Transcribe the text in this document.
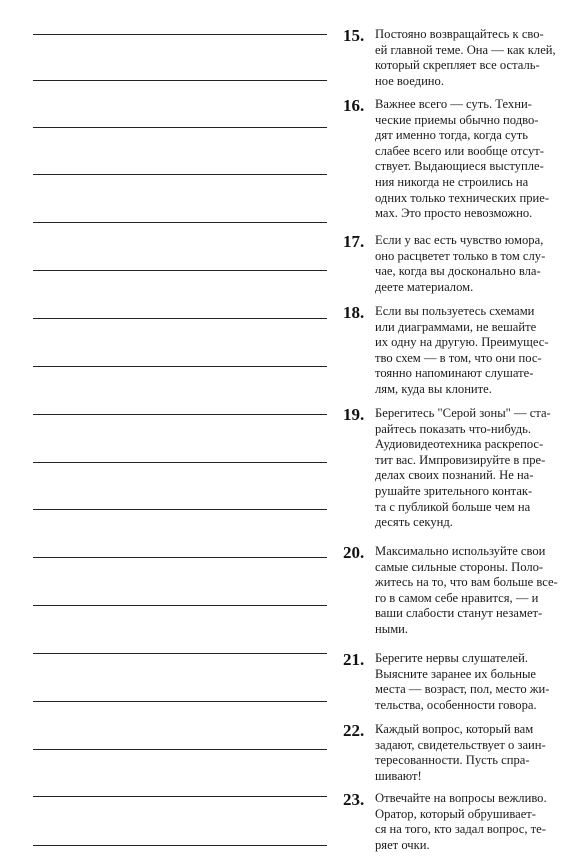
15. Постояно возвращайтесь к сво-
ей главной теме. Она — как клей,
который скрепляет все осталь-
ное воедино.
16. Важнее всего — суть. Техни-
ческие приемы обычно подво-
дят именно тогда, когда суть
слабее всего или вообще отсут-
ствует. Выдающиеся выступле-
ния никогда не строились на
одних только технических прие-
мах. Это просто невозможно.
17. Если у вас есть чувство юмора,
оно расцветет только в том слу-
чае, когда вы досконально вла-
деете материалом.
18. Если вы пользуетесь схемами
или диаграммами, не вешайте
их одну на другую. Преимущес-
тво схем — в том, что они пос-
тоянно напоминают слушате-
лям, куда вы клоните.
19. Берегитесь "Серой зоны" — ста-
райтесь показать что-нибудь.
Аудиовидеотехника раскрепос-
тит вас. Импровизируйте в пре-
делах своих познаний. Не на-
рушайте зрительного контак-
та с публикой больше чем на
десять секунд.
20. Максимально используйте свои
самые сильные стороны. Поло-
житесь на то, что вам больше все-
го в самом себе нравится, — и
ваши слабости станут незамет-
ными.
21. Берегите нервы слушателей.
Выясните заранее их больные
места — возраст, пол, место жи-
тельства, особенности говора.
22. Каждый вопрос, который вам
задают, свидетельствует о заин-
тересованности. Пусть спра-
шивают!
23. Отвечайте на вопросы вежливо.
Оратор, который обрушивает-
ся на того, кто задал вопрос, те-
ряет очки.
